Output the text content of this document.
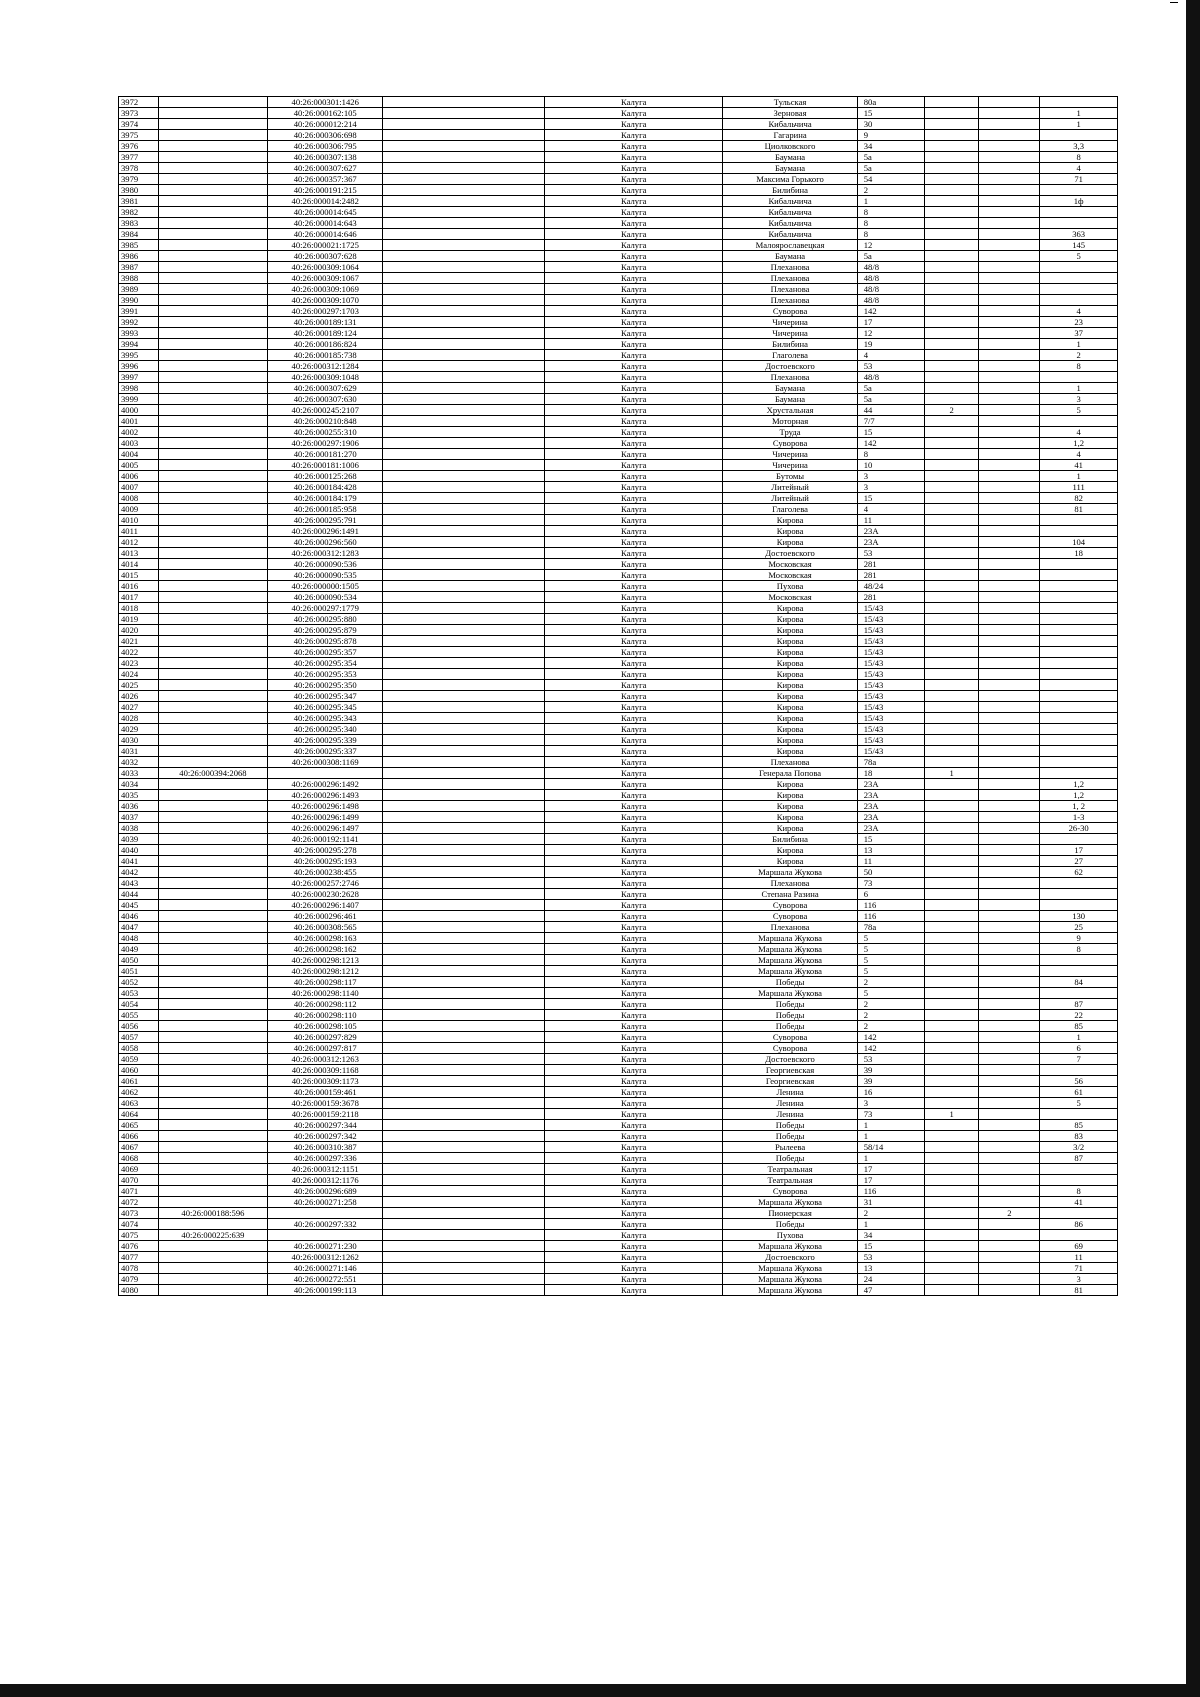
3972		40:26:000301:1426		Калуга	Тульская	80а			
3973		40:26:000162:105		Калуга	Зерновая	15			1
3974		40:26:000012:214		Калуга	Кибальчича	30			1
3975		40:26:000306:698		Калуга	Гагарина	9			
3976		40:26:000306:795		Калуга	Циолковского	34			3,3
3977		40:26:000307:138		Калуга	Баумана	5а			8
3978		40:26:000307:627		Калуга	Баумана	5а			4
3979		40:26:000357:367		Калуга	Максима Горького	54			71
3980		40:26:000191:215		Калуга	Билибина	2			
3981		40:26:000014:2482		Калуга	Кибальчича	1			1ф
3982		40:26:000014:645		Калуга	Кибальчича	8			
3983		40:26:000014:643		Калуга	Кибальчича	8			
3984		40:26:000014:646		Калуга	Кибальчича	8			363
3985		40:26:000021:1725		Калуга	Малоярославецкая	12			145
3986		40:26:000307:628		Калуга	Баумана	5а			5
3987		40:26:000309:1064		Калуга	Плеханова	48/8			
3988		40:26:000309:1067		Калуга	Плеханова	48/8			
3989		40:26:000309:1069		Калуга	Плеханова	48/8			
3990		40:26:000309:1070		Калуга	Плеханова	48/8			
3991		40:26:000297:1703		Калуга	Суворова	142			4
3992		40:26:000189:131		Калуга	Чичерина	17			23
3993		40:26:000189:124		Калуга	Чичерина	12			37
3994		40:26:000186:824		Калуга	Билибина	19			1
3995		40:26:000185:738		Калуга	Глаголева	4			2
3996		40:26:000312:1284		Калуга	Достоевского	53			8
3997		40:26:000309:1048		Калуга	Плеханова	48/8			
3998		40:26:000307:629		Калуга	Баумана	5а			1
3999		40:26:000307:630		Калуга	Баумана	5а			3
4000		40:26:000245:2107		Калуга	Хрустальная	44	2		5
4001		40:26:000210:848		Калуга	Моторная	7/7			
4002		40:26:000255:310		Калуга	Труда	15			4
4003		40:26:000297:1906		Калуга	Суворова	142			1,2
4004		40:26:000181:270		Калуга	Чичерина	8			4
4005		40:26:000181:1006		Калуга	Чичерина	10			41
4006		40:26:000125:268		Калуга	Бутомы	3			1
4007		40:26:000184:428		Калуга	Литейный	3			111
4008		40:26:000184:179		Калуга	Литейный	15			82
4009		40:26:000185:958		Калуга	Глаголева	4			81
4010		40:26:000295:791		Калуга	Кирова	11			
4011		40:26:000296:1491		Калуга	Кирова	23А			
4012		40:26:000296:560		Калуга	Кирова	23А			104
4013		40:26:000312:1283		Калуга	Достоевского	53			18
4014		40:26:000090:536		Калуга	Московская	281			
4015		40:26:000090:535		Калуга	Московская	281			
4016		40:26:000000:1505		Калуга	Пухова	48/24			
4017		40:26:000090:534		Калуга	Московская	281			
4018		40:26:000297:1779		Калуга	Кирова	15/43			
4019		40:26:000295:880		Калуга	Кирова	15/43			
4020		40:26:000295:879		Калуга	Кирова	15/43			
4021		40:26:000295:878		Калуга	Кирова	15/43			
4022		40:26:000295:357		Калуга	Кирова	15/43			
4023		40:26:000295:354		Калуга	Кирова	15/43			
4024		40:26:000295:353		Калуга	Кирова	15/43			
4025		40:26:000295:350		Калуга	Кирова	15/43			
4026		40:26:000295:347		Калуга	Кирова	15/43			
4027		40:26:000295:345		Калуга	Кирова	15/43			
4028		40:26:000295:343		Калуга	Кирова	15/43			
4029		40:26:000295:340		Калуга	Кирова	15/43			
4030		40:26:000295:339		Калуга	Кирова	15/43			
4031		40:26:000295:337		Калуга	Кирова	15/43			
4032		40:26:000308:1169		Калуга	Плеханова	78а			
4033	40:26:000394:2068			Калуга	Генерала Попова	18	1		
4034		40:26:000296:1492		Калуга	Кирова	23А			1,2
4035		40:26:000296:1493		Калуга	Кирова	23А			1,2
4036		40:26:000296:1498		Калуга	Кирова	23А			1, 2
4037		40:26:000296:1499		Калуга	Кирова	23А			1-3
4038		40:26:000296:1497		Калуга	Кирова	23А			26-30
4039		40:26:000192:1141		Калуга	Билибина	15			
4040		40:26:000295:278		Калуга	Кирова	13			17
4041		40:26:000295:193		Калуга	Кирова	11			27
4042		40:26:000238:455		Калуга	Маршала Жукова	50			62
4043		40:26:000257:2746		Калуга	Плеханова	73			
4044		40:26:000230:2628		Калуга	Степана Разина	6			
4045		40:26:000296:1407		Калуга	Суворова	116			
4046		40:26:000296:461		Калуга	Суворова	116			130
4047		40:26:000308:565		Калуга	Плеханова	78а			25
4048		40:26:000298:163		Калуга	Маршала Жукова	5			9
4049		40:26:000298:162		Калуга	Маршала Жукова	5			8
4050		40:26:000298:1213		Калуга	Маршала Жукова	5			
4051		40:26:000298:1212		Калуга	Маршала Жукова	5			
4052		40:26:000298:117		Калуга	Победы	2			84
4053		40:26:000298:1140		Калуга	Маршала Жукова	5			
4054		40:26:000298:112		Калуга	Победы	2			87
4055		40:26:000298:110		Калуга	Победы	2			22
4056		40:26:000298:105		Калуга	Победы	2			85
4057		40:26:000297:829		Калуга	Суворова	142			1
4058		40:26:000297:817		Калуга	Суворова	142			6
4059		40:26:000312:1263		Калуга	Достоевского	53			7
4060		40:26:000309:1168		Калуга	Георгиевская	39			
4061		40:26:000309:1173		Калуга	Георгиевская	39			56
4062		40:26:000159:461		Калуга	Ленина	16			61
4063		40:26:000159:3678		Калуга	Ленина	3			5
4064		40:26:000159:2118		Калуга	Ленина	73	1		
4065		40:26:000297:344		Калуга	Победы	1			85
4066		40:26:000297:342		Калуга	Победы	1			83
4067		40:26:000310:387		Калуга	Рылеева	58/14			3/2
4068		40:26:000297:336		Калуга	Победы	1			87
4069		40:26:000312:1151		Калуга	Театральная	17			
4070		40:26:000312:1176		Калуга	Театральная	17			
4071		40:26:000296:689		Калуга	Суворова	116			8
4072		40:26:000271:258		Калуга	Маршала Жукова	31			41
4073	40:26:000188:596			Калуга	Пионерская	2		2	
4074		40:26:000297:332		Калуга	Победы	1			86
4075	40:26:000225:639			Калуга	Пухова	34			
4076		40:26:000271:230		Калуга	Маршала Жукова	15			69
4077		40:26:000312:1262		Калуга	Достоевского	53			11
4078		40:26:000271:146		Калуга	Маршала Жукова	13			71
4079		40:26:000272:551		Калуга	Маршала Жукова	24			3
4080		40:26:000199:113		Калуга	Маршала Жукова	47			81
